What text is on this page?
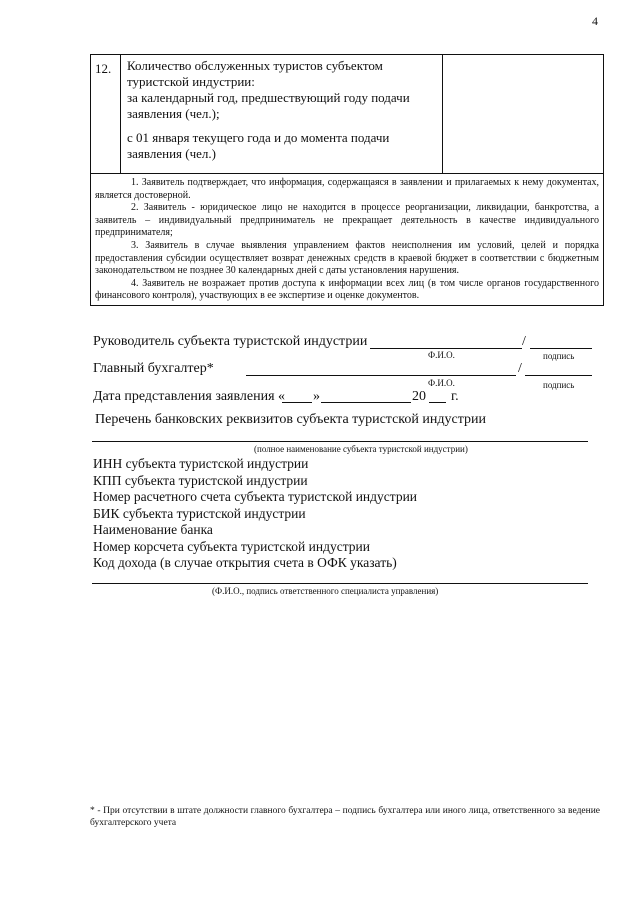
4
12.	Количество обслуженных туристов субъектом туристской индустрии:

за календарный год, предшествующий году подачи заявления (чел.);

с 01 января текущего года и до момента подачи заявления (чел.)

1. Заявитель подтверждает, что информация, содержащаяся в заявлении и прилагаемых к нему документах, является достоверной.

2. Заявитель - юридическое лицо не находится в процессе реорганизации, ликвидации, банкротства, а заявитель – индивидуальный предприниматель не прекращает деятельность в качестве индивидуального предпринимателя;

3. Заявитель в случае выявления управлением фактов неисполнения им условий, целей и порядка предоставления субсидии осуществляет возврат денежных средств в краевой бюджет в соответствии с бюджетным законодательством не позднее 30 календарных дней с даты установления нарушения.

4. Заявитель не возражает против доступа к информации всех лиц (в том числе органов государственного финансового контроля), участвующих в ее экспертизе и оценке документов.

Руководитель субъекта туристской индустрии	/
Ф.И.О.	подпись
Главный бухгалтер*	/
Ф.И.О.	подпись
Дата представления заявления « »	20 г.
Перечень банковских реквизитов субъекта туристской индустрии
(полное наименование субъекта туристской индустрии)

ИНН субъекта туристской индустрии

КПП субъекта туристской индустрии

Номер расчетного счета субъекта туристской индустрии

БИК субъекта туристской индустрии

Наименование банка

Номер корсчета субъекта туристской индустрии

Код дохода (в случае открытия счета в ОФК указать)

(Ф.И.О., подпись ответственного специалиста управления)
* - При отсутствии в штате должности главного бухгалтера – подпись бухгалтера или иного лица, ответственного за ведение бухгалтерского учета
